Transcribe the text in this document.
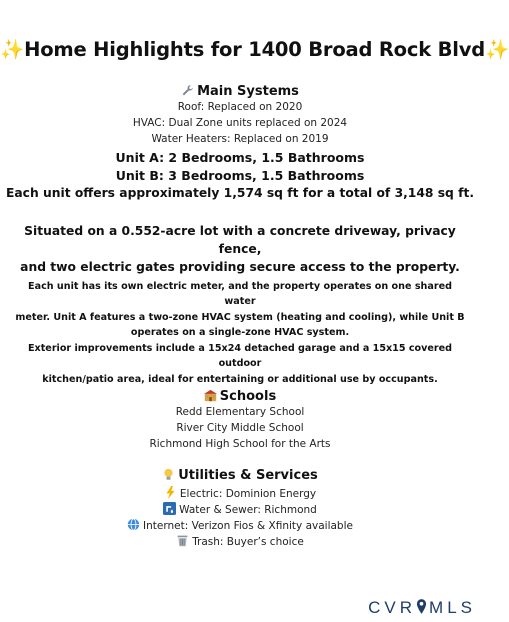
✨Home Highlights for 1400 Broad Rock Blvd✨
Main Systems
Roof: Replaced on 2020
HVAC: Dual Zone units replaced on 2024
Water Heaters: Replaced on 2019
Unit A: 2 Bedrooms, 1.5 Bathrooms
Unit B: 3 Bedrooms, 1.5 Bathrooms
Each unit offers approximately 1,574 sq ft for a total of 3,148 sq ft.
Situated on a 0.552-acre lot with a concrete driveway, privacy fence,
and two electric gates providing secure access to the property.
Each unit has its own electric meter, and the property operates on one shared water
meter. Unit A features a two-zone HVAC system (heating and cooling), while Unit B
operates on a single-zone HVAC system.
Exterior improvements include a 15x24 detached garage and a 15x15 covered outdoor
kitchen/patio area, ideal for entertaining or additional use by occupants.
Schools
Redd Elementary School
River City Middle School
Richmond High School for the Arts
Utilities & Services
Electric: Dominion Energy
Water & Sewer: Richmond
Internet: Verizon Fios & Xfinity available
Trash: Buyer’s choice
CVR MLS
